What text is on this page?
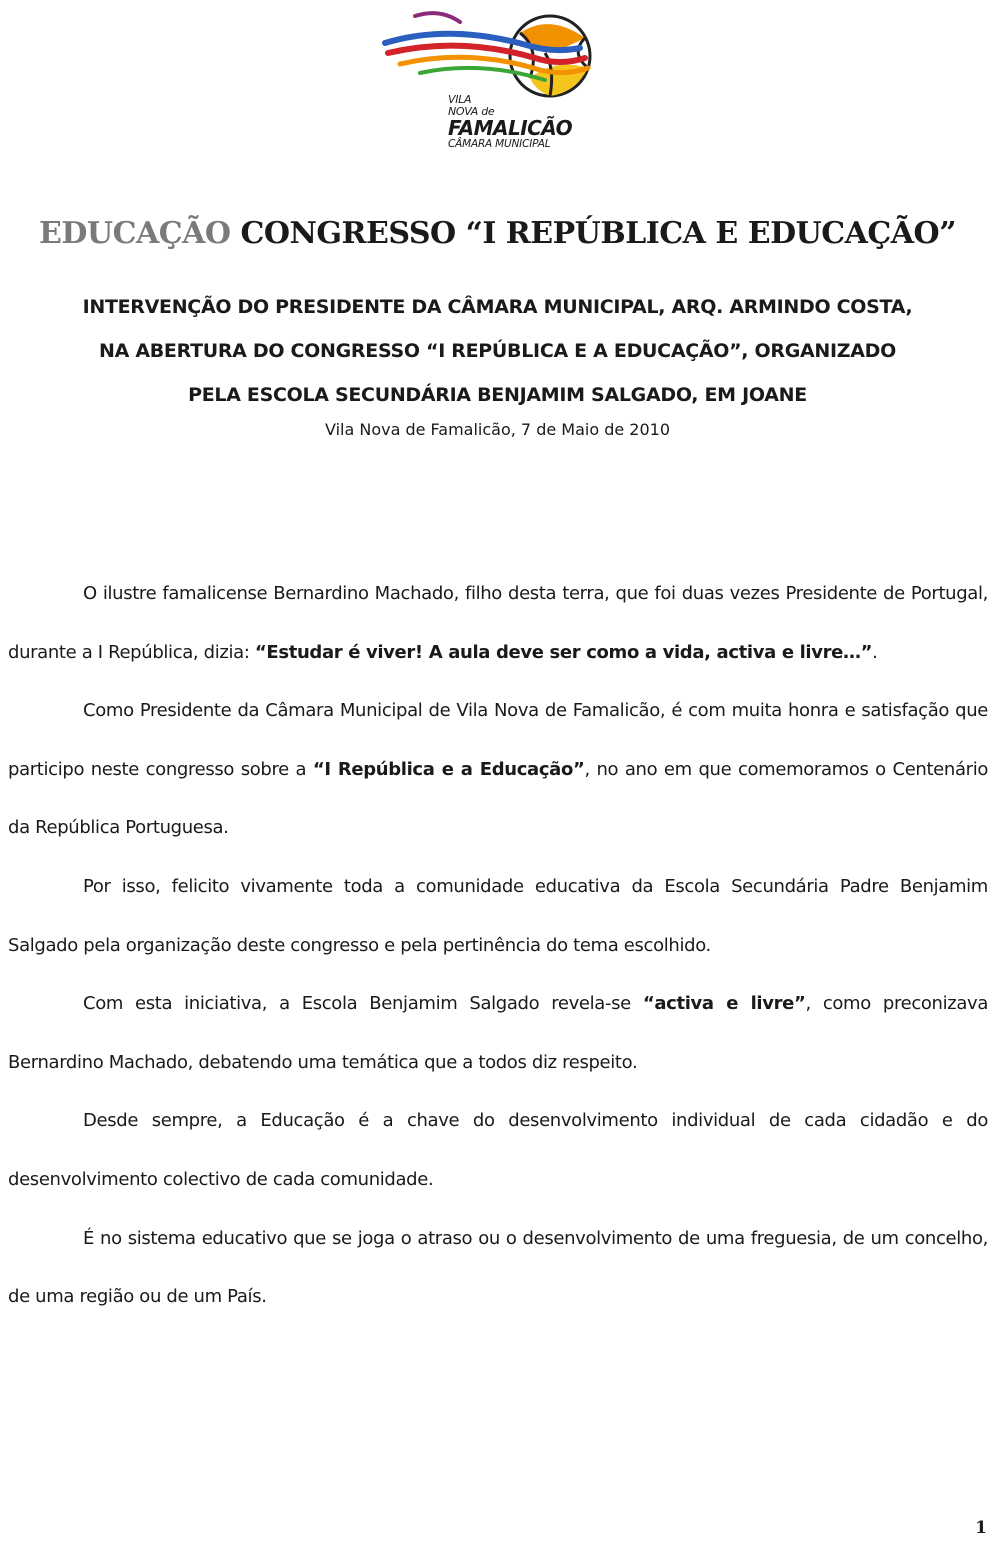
VILA
NOVA de
FAMALICÃO
CÂMARA MUNICIPAL
EDUCAÇÃO CONGRESSO “I REPÚBLICA E EDUCAÇÃO”
INTERVENÇÃO DO PRESIDENTE DA CÂMARA MUNICIPAL, ARQ. ARMINDO COSTA,
NA ABERTURA DO CONGRESSO “I REPÚBLICA E A EDUCAÇÃO”, ORGANIZADO
PELA ESCOLA SECUNDÁRIA BENJAMIM SALGADO, EM JOANE
Vila Nova de Famalicão, 7 de Maio de 2010

O ilustre famalicense Bernardino Machado, filho desta terra, que foi duas vezes Presidente de Portugal, durante a I República, dizia: “Estudar é viver! A aula deve ser como a vida, activa e livre…”.

Como Presidente da Câmara Municipal de Vila Nova de Famalicão, é com muita honra e satisfação que participo neste congresso sobre a “I República e a Educação”, no ano em que comemoramos o Centenário da República Portuguesa.

Por isso, felicito vivamente toda a comunidade educativa da Escola Secundária Padre Benjamim Salgado pela organização deste congresso e pela pertinência do tema escolhido.

Com esta iniciativa, a Escola Benjamim Salgado revela-se “activa e livre”, como preconizava Bernardino Machado, debatendo uma temática que a todos diz respeito.

Desde sempre, a Educação é a chave do desenvolvimento individual de cada cidadão e do desenvolvimento colectivo de cada comunidade.

É no sistema educativo que se joga o atraso ou o desenvolvimento de uma freguesia, de um concelho, de uma região ou de um País.

1
